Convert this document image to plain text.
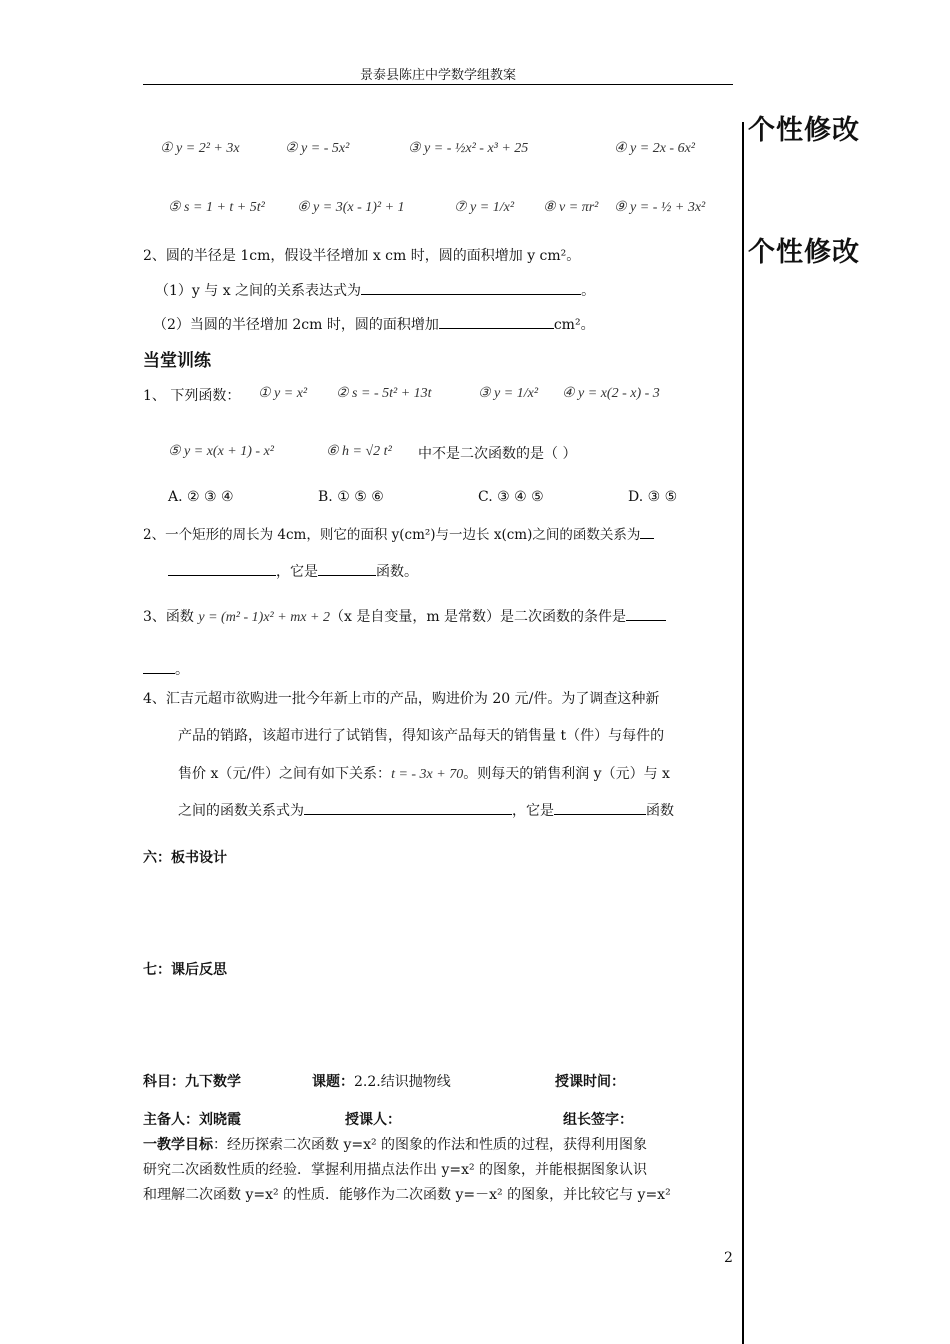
景泰县陈庄中学数学组教案
个性修改
个性修改
① y = 2² + 3x	② y = - 5x²	③ y = - ½x² - x³ + 25	④ y = 2x - 6x²
⑤ s = 1 + t + 5t² ⑥ y = 3(x - 1)² + 1	⑦ y = 1/x² ⑧ v = πr² ⑨ y = - ½ + 3x²
2、圆的半径是 1cm，假设半径增加 x cm 时，圆的面积增加 y cm²。
（1）y 与 x 之间的关系表达式为	。
（2）当圆的半径增加 2cm 时，圆的面积增加	cm²。
当堂训练
1、 下列函数： ① y = x² ② s = - 5t² + 13t	③ y = 1/x² ④ y = x(2 - x) - 3
⑤ y = x(x + 1) - x²	⑥ h = √2 t² 中不是二次函数的是（ ）
A. ② ③ ④	B. ① ⑤ ⑥	C. ③ ④ ⑤	D. ③ ⑤
2、一个矩形的周长为 4cm，则它的面积 y(cm²)与一边长 x(cm)之间的函数关系为
，它是	函数。
3、函数 y = (m² - 1)x² + mx + 2（x 是自变量，m 是常数）是二次函数的条件是
。
4、汇吉元超市欲购进一批今年新上市的产品，购进价为 20 元/件。为了调查这种新
产品的销路，该超市进行了试销售，得知该产品每天的销售量 t（件）与每件的
售价 x（元/件）之间有如下关系：t = - 3x + 70。则每天的销售利润 y（元）与 x
之间的函数关系式为	，它是	函数
六：板书设计
七：课后反思
科目：九下数学	课题：2.2.结识抛物线	授课时间：
主备人：刘晓霞	授课人：	组长签字：
一教学目标：经历探索二次函数 y=x² 的图象的作法和性质的过程，获得利用图象
研究二次函数性质的经验．掌握利用描点法作出 y=x² 的图象，并能根据图象认识
和理解二次函数 y=x² 的性质．能够作为二次函数 y=－x² 的图象，并比较它与 y=x²
2
